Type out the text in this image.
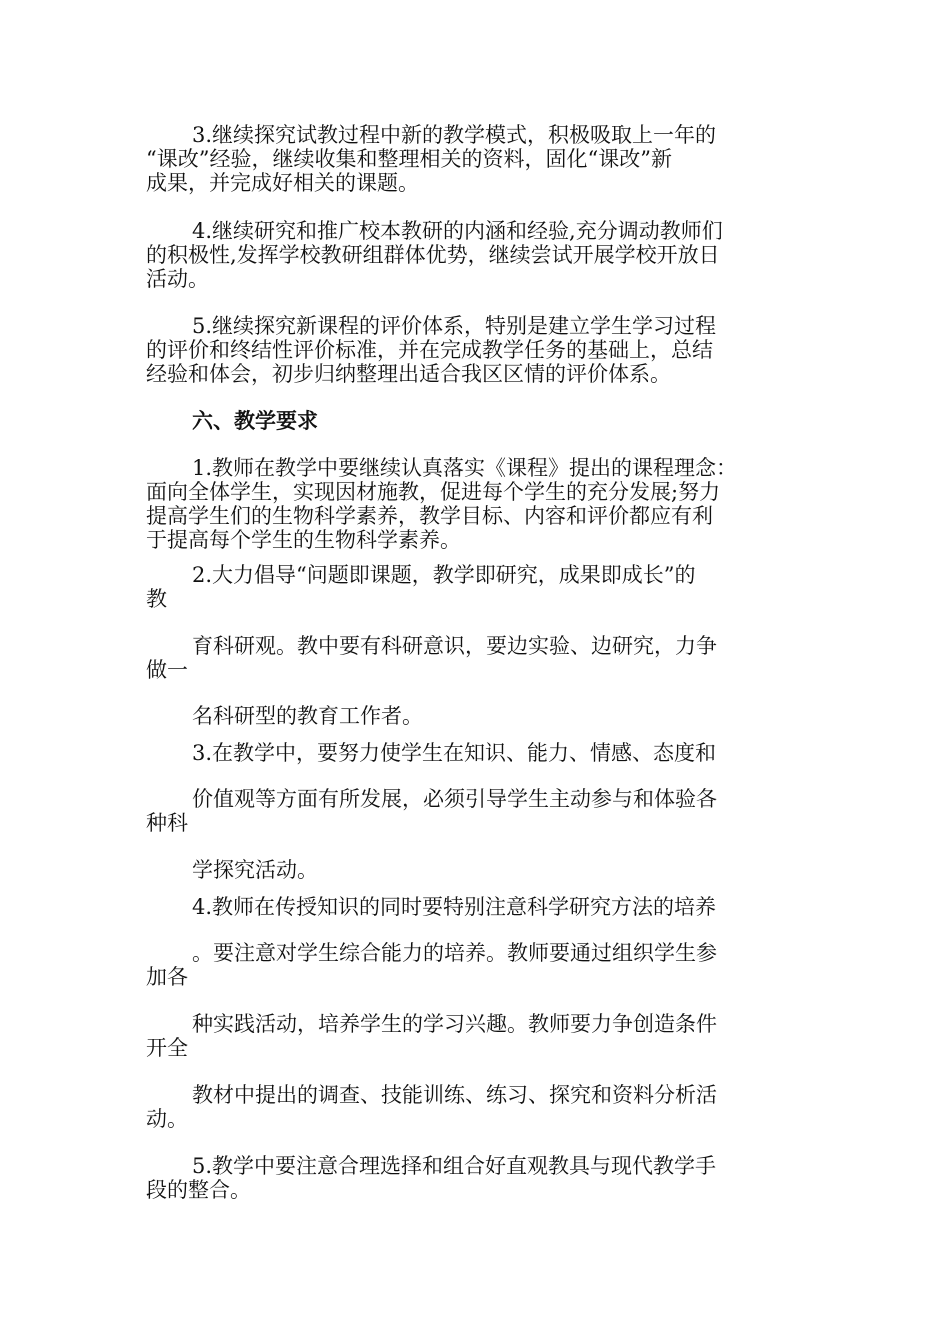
3.继续探究试教过程中新的教学模式，积极吸取上一年的
“课改”经验，继续收集和整理相关的资料，固化“课改”新
成果，并完成好相关的课题。
4.继续研究和推广校本教研的内涵和经验,充分调动教师们
的积极性,发挥学校教研组群体优势，继续尝试开展学校开放日
活动。
5.继续探究新课程的评价体系，特别是建立学生学习过程
的评价和终结性评价标准，并在完成教学任务的基础上，总结
经验和体会，初步归纳整理出适合我区区情的评价体系。
六、教学要求
1.教师在教学中要继续认真落实《课程》提出的课程理念：
面向全体学生，实现因材施教，促进每个学生的充分发展;努力
提高学生们的生物科学素养，教学目标、内容和评价都应有利
于提高每个学生的生物科学素养。
2.大力倡导“问题即课题，教学即研究，成果即成长”的
教
育科研观。教中要有科研意识，要边实验、边研究，力争
做一
名科研型的教育工作者。
3.在教学中，要努力使学生在知识、能力、情感、态度和
价值观等方面有所发展，必须引导学生主动参与和体验各
种科
学探究活动。
4.教师在传授知识的同时要特别注意科学研究方法的培养
。要注意对学生综合能力的培养。教师要通过组织学生参
加各
种实践活动，培养学生的学习兴趣。教师要力争创造条件
开全
教材中提出的调查、技能训练、练习、探究和资料分析活
动。
5.教学中要注意合理选择和组合好直观教具与现代教学手
段的整合。
